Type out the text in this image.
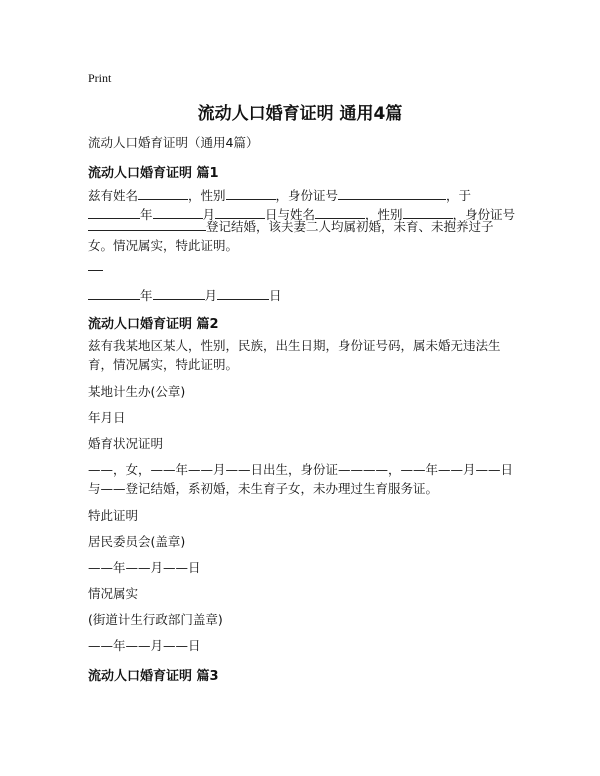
Print
流动人口婚育证明 通用4篇
流动人口婚育证明（通用4篇）
流动人口婚育证明 篇1
兹有姓名	，性别	，身份证号	，于
年	月	日与姓名	，性别	，身份证号
登记结婚，该夫妻二人均属初婚，未育、未抱养过子女。情况属实，特此证明。
年	月	日
流动人口婚育证明 篇2
兹有我某地区某人，性别，民族，出生日期，身份证号码，属未婚无违法生育，情况属实，特此证明。
某地计生办(公章)
年月日
婚育状况证明
——，女，——年——月——日出生，身份证————，——年——月——日与——登记结婚，系初婚，未生育子女，未办理过生育服务证。
特此证明
居民委员会(盖章)
——年——月——日
情况属实
(街道计生行政部门盖章)
——年——月——日
流动人口婚育证明 篇3
